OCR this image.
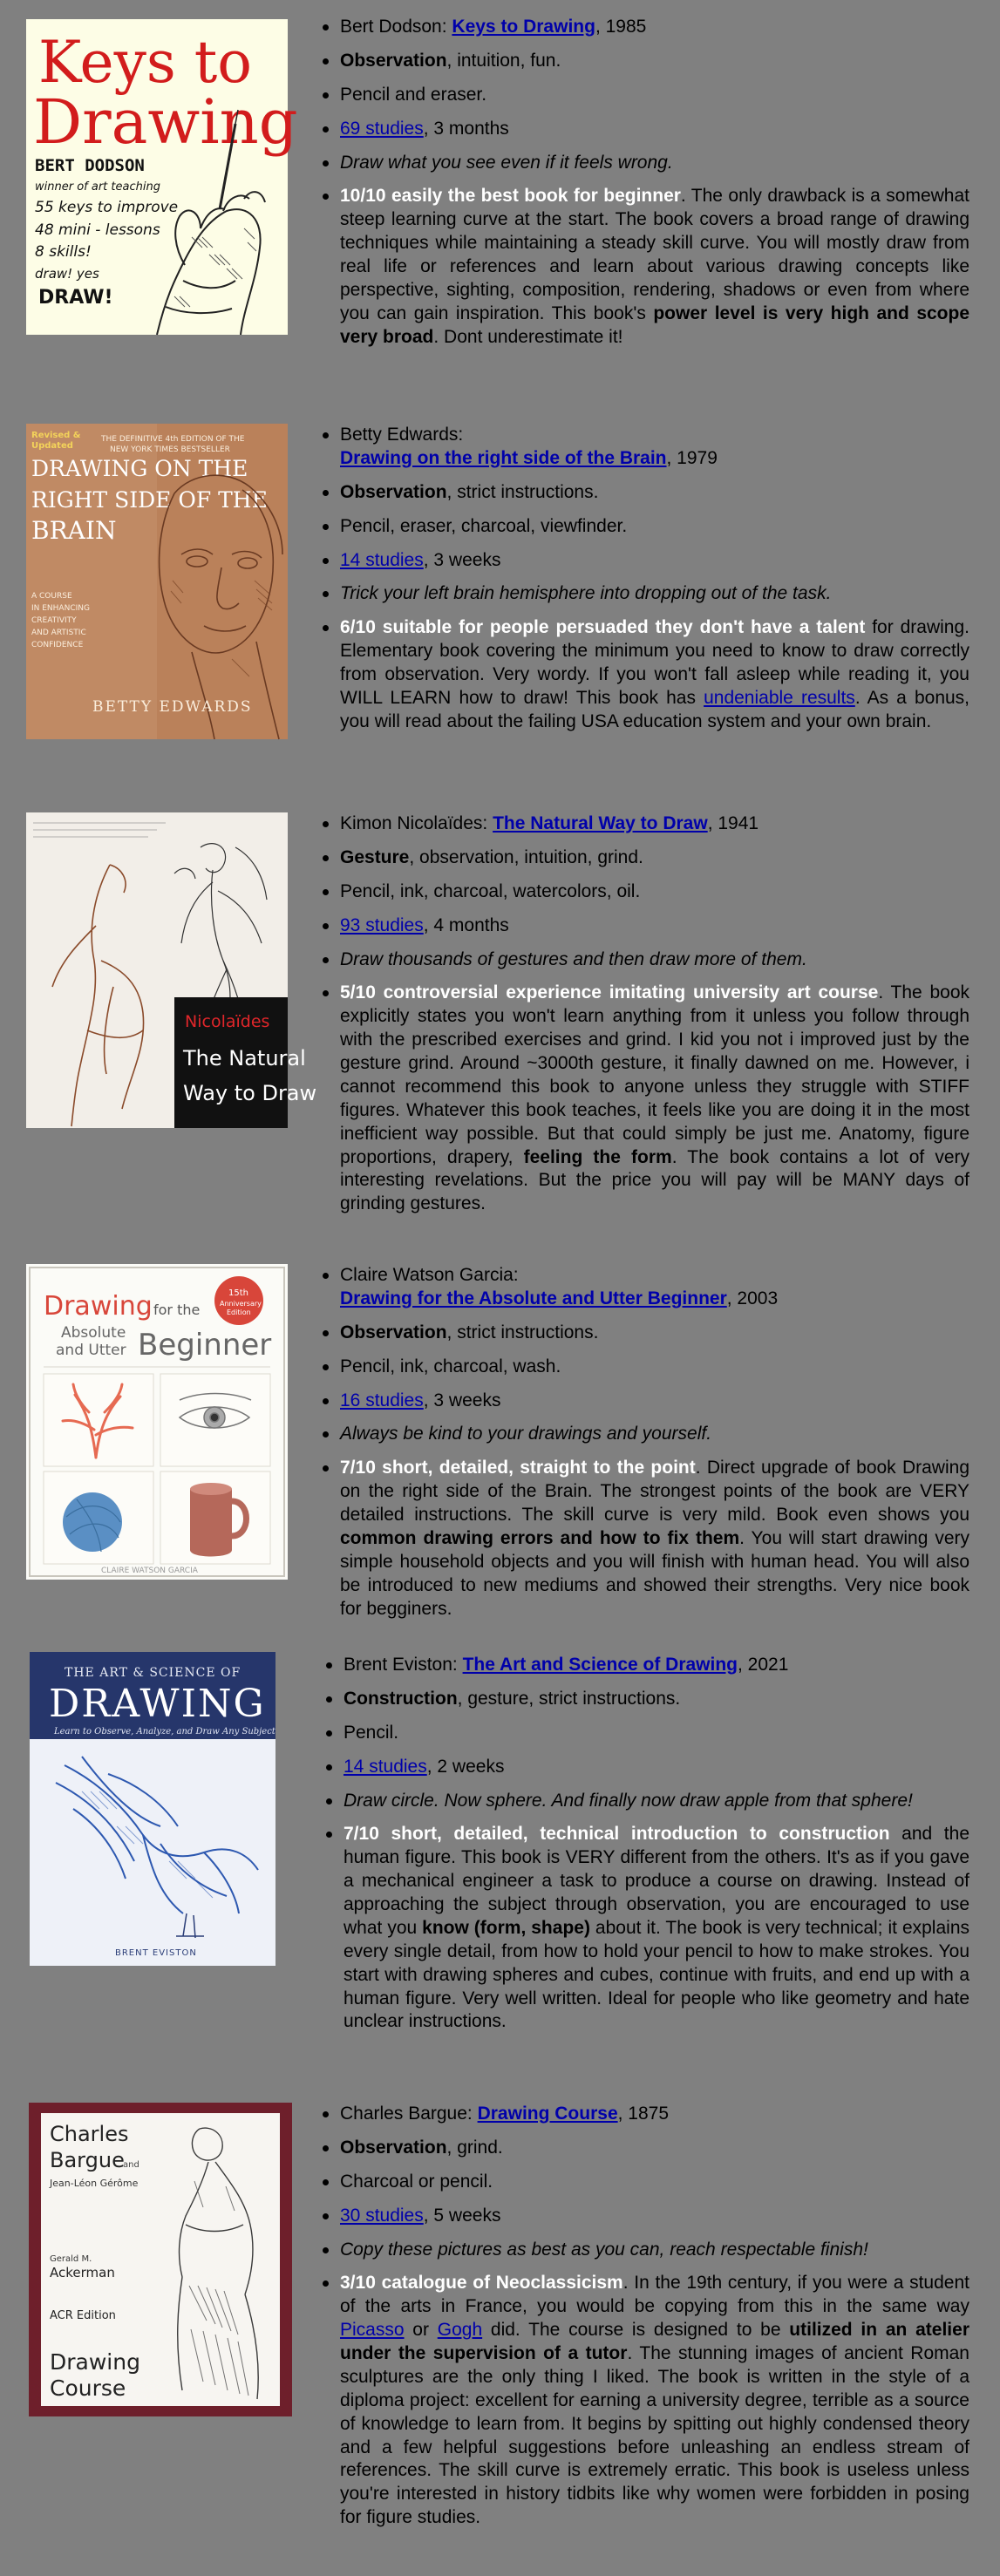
Keys to
Drawing
BERT DODSON
winner of art teaching
55 keys to improve
48 mini - lessons
8 skills!
draw! yes
DRAW!
Bert Dodson: Keys to Drawing, 1985
Observation, intuition, fun.
Pencil and eraser.
69 studies, 3 months
Draw what you see even if it feels wrong.
10/10 easily the best book for beginner. The only drawback is a somewhat steep learning curve at the start. The book covers a broad range of drawing techniques while maintaining a steady skill curve. You will mostly draw from real life or references and learn about various drawing concepts like perspective, sighting, composition, rendering, shadows or even from where you can gain inspiration. This book's power level is very high and scope very broad. Dont underestimate it!
Revised &
Updated
THE DEFINITIVE 4th EDITION OF THE
NEW YORK TIMES BESTSELLER
DRAWING ON THE
RIGHT SIDE OF THE
BRAIN
A COURSE
IN ENHANCING
CREATIVITY
AND ARTISTIC
CONFIDENCE
BETTY EDWARDS
Betty Edwards:
Drawing on the right side of the Brain, 1979
Observation, strict instructions.
Pencil, eraser, charcoal, viewfinder.
14 studies, 3 weeks
Trick your left brain hemisphere into dropping out of the task.
6/10 suitable for people persuaded they don't have a talent for drawing. Elementary book covering the minimum you need to know to draw correctly from observation. Very wordy. If you won't fall asleep while reading it, you WILL LEARN how to draw! This book has undeniable results. As a bonus, you will read about the failing USA education system and your own brain.
Nicolaïdes
The Natural
Way to Draw
Kimon Nicolaïdes: The Natural Way to Draw, 1941
Gesture, observation, intuition, grind.
Pencil, ink, charcoal, watercolors, oil.
93 studies, 4 months
Draw thousands of gestures and then draw more of them.
5/10 controversial experience imitating university art course. The book explicitly states you won't learn anything from it unless you follow through with the prescribed exercises and grind. I kid you not i improved just by the gesture grind. Around ~3000th gesture, it finally dawned on me. However, i cannot recommend this book to anyone unless they struggle with STIFF figures. Whatever this book teaches, it feels like you are doing it in the most inefficient way possible. But that could simply be just me. Anatomy, figure proportions, drapery, feeling the form. The book contains a lot of very interesting revelations. But the price you will pay will be MANY days of grinding gestures.
Drawing for the
Absolute
and Utter Beginner
15th
Anniversary
Edition
CLAIRE WATSON GARCIA
Claire Watson Garcia:
Drawing for the Absolute and Utter Beginner, 2003
Observation, strict instructions.
Pencil, ink, charcoal, wash.
16 studies, 3 weeks
Always be kind to your drawings and yourself.
7/10 short, detailed, straight to the point. Direct upgrade of book Drawing on the right side of the Brain. The strongest points of the book are VERY detailed instructions. The skill curve is very mild. Book even shows you common drawing errors and how to fix them. You will start drawing very simple household objects and you will finish with human head. You will also be introduced to new mediums and showed their strengths. Very nice book for begginers.
THE ART & SCIENCE OF
DRAWING
Learn to Observe, Analyze, and Draw Any Subject
BRENT EVISTON
Brent Eviston: The Art and Science of Drawing, 2021
Construction, gesture, strict instructions.
Pencil.
14 studies, 2 weeks
Draw circle. Now sphere. And finally now draw apple from that sphere!
7/10 short, detailed, technical introduction to construction and the human figure. This book is VERY different from the others. It's as if you gave a mechanical engineer a task to produce a course on drawing. Instead of approaching the subject through observation, you are encouraged to use what you know (form, shape) about it. The book is very technical; it explains every single detail, from how to hold your pencil to how to make strokes. You start with drawing spheres and cubes, continue with fruits, and end up with a human figure. Very well written. Ideal for people who like geometry and hate unclear instructions.
Charles
Bargue
and
Jean-Léon Gérôme
Gerald M.
Ackerman
ACR Edition
Drawing
Course
Charles Bargue: Drawing Course, 1875
Observation, grind.
Charcoal or pencil.
30 studies, 5 weeks
Copy these pictures as best as you can, reach respectable finish!
3/10 catalogue of Neoclassicism. In the 19th century, if you were a student of the arts in France, you would be copying from this in the same way Picasso or Gogh did. The course is designed to be utilized in an atelier under the supervision of a tutor. The stunning images of ancient Roman sculptures are the only thing I liked. The book is written in the style of a diploma project: excellent for earning a university degree, terrible as a source of knowledge to learn from. It begins by spitting out highly condensed theory and a few helpful suggestions before unleashing an endless stream of references. The skill curve is extremely erratic. This book is useless unless you're interested in history tidbits like why women were forbidden in posing for figure studies.
